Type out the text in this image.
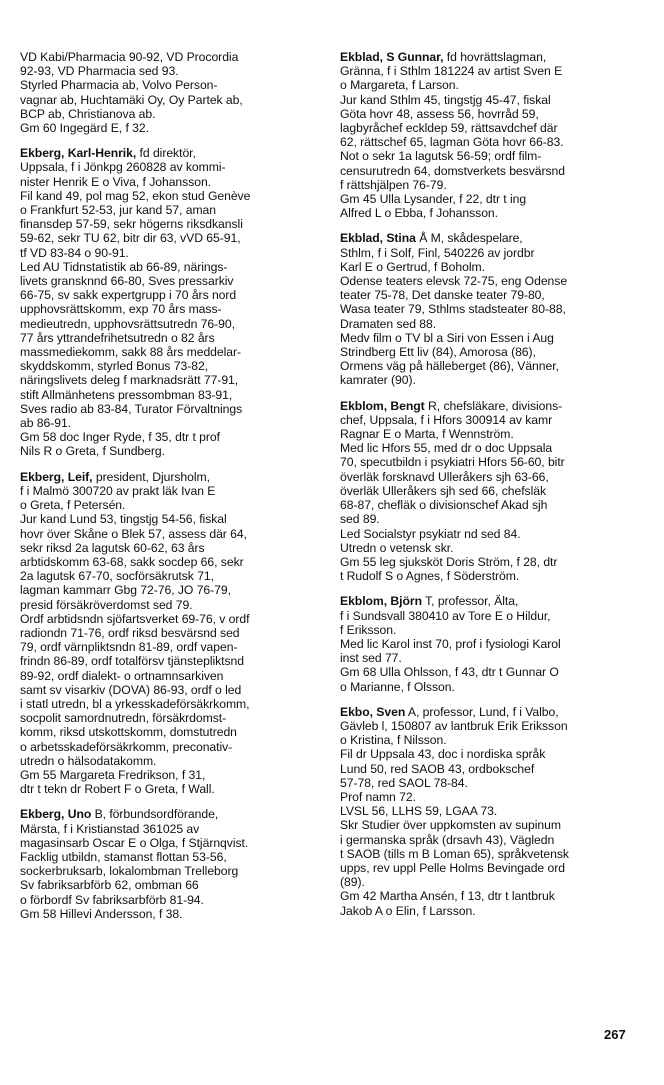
VD Kabi/Pharmacia 90-92, VD Procordia

92-93, VD Pharmacia sed 93.

Styrled Pharmacia ab, Volvo Person-

vagnar ab, Huchtamäki Oy, Oy Partek ab,

BCP ab, Christianova ab.

Gm 60 Ingegärd E, f 32.

Ekberg, Karl-Henrik, fd direktör,

Uppsala, f i Jönkpg 260828 av kommi-

nister Henrik E o Viva, f Johansson.

Fil kand 49, pol mag 52, ekon stud Genève

o Frankfurt 52-53, jur kand 57, aman

finansdep 57-59, sekr högerns riksdkansli

59-62, sekr TU 62, bitr dir 63, vVD 65-91,

tf VD 83-84 o 90-91.

Led AU Tidnstatistik ab 66-89, närings-

livets gransknnd 66-80, Sves pressarkiv

66-75, sv sakk expertgrupp i 70 års nord

upphovsrättskomm, exp 70 års mass-

medieutredn, upphovsrättsutredn 76-90,

77 års yttrandefrihetsutredn o 82 års

massmediekomm, sakk 88 års meddelar-

skyddskomm, styrled Bonus 73-82,

näringslivets deleg f marknadsrätt 77-91,

stift Allmänhetens pressombman 83-91,

Sves radio ab 83-84, Turator Förvaltnings

ab 86-91.

Gm 58 doc Inger Ryde, f 35, dtr t prof

Nils R o Greta, f Sundberg.

Ekberg, Leif, president, Djursholm,

f i Malmö 300720 av prakt läk Ivan E

o Greta, f Petersén.

Jur kand Lund 53, tingstjg 54-56, fiskal

hovr över Skåne o Blek 57, assess där 64,

sekr riksd 2a lagutsk 60-62, 63 års

arbtidskomm 63-68, sakk socdep 66, sekr

2a lagutsk 67-70, socförsäkrutsk 71,

lagman kammarr Gbg 72-76, JO 76-79,

presid försäkröverdomst sed 79.

Ordf arbtidsndn sjöfartsverket 69-76, v ordf

radiondn 71-76, ordf riksd besvärsnd sed

79, ordf värnpliktsndn 81-89, ordf vapen-

frindn 86-89, ordf totalförsv tjänstepliktsnd

89-92, ordf dialekt- o ortnamnsarkiven

samt sv visarkiv (DOVA) 86-93, ordf o led

i statl utredn, bl a yrkesskadeförsäkrkomm,

socpolit samordnutredn, försäkrdomst-

komm, riksd utskottskomm, domstutredn

o arbetsskadeförsäkrkomm, preconativ-

utredn o hälsodatakomm.

Gm 55 Margareta Fredrikson, f 31,

dtr t tekn dr Robert F o Greta, f Wall.

Ekberg, Uno B, förbundsordförande,

Märsta, f i Kristianstad 361025 av

magasinsarb Oscar E o Olga, f Stjärnqvist.

Facklig utbildn, stamanst flottan 53-56,

sockerbruksarb, lokalombman Trelleborg

Sv fabriksarbförb 62, ombman 66

o förbordf Sv fabriksarbförb 81-94.

Gm 58 Hillevi Andersson, f 38.

Ekblad, S Gunnar, fd hovrättslagman,

Gränna, f i Sthlm 181224 av artist Sven E

o Margareta, f Larson.

Jur kand Sthlm 45, tingstjg 45-47, fiskal

Göta hovr 48, assess 56, hovrråd 59,

lagbyråchef eckldep 59, rättsavdchef där

62, rättschef 65, lagman Göta hovr 66-83.

Not o sekr 1a lagutsk 56-59; ordf film-

censurutredn 64, domstverkets besvärsnd

f rättshjälpen 76-79.

Gm 45 Ulla Lysander, f 22, dtr t ing

Alfred L o Ebba, f Johansson.

Ekblad, Stina Å M, skådespelare,

Sthlm, f i Solf, Finl, 540226 av jordbr

Karl E o Gertrud, f Boholm.

Odense teaters elevsk 72-75, eng Odense

teater 75-78, Det danske teater 79-80,

Wasa teater 79, Sthlms stadsteater 80-88,

Dramaten sed 88.

Medv film o TV bl a Siri von Essen i Aug

Strindberg Ett liv (84), Amorosa (86),

Ormens väg på hälleberget (86), Vänner,

kamrater (90).

Ekblom, Bengt R, chefsläkare, divisions-

chef, Uppsala, f i Hfors 300914 av kamr

Ragnar E o Marta, f Wennström.

Med lic Hfors 55, med dr o doc Uppsala

70, specutbildn i psykiatri Hfors 56-60, bitr

överläk forsknavd Ulleråkers sjh 63-66,

överläk Ulleråkers sjh sed 66, chefsläk

68-87, chefläk o divisionschef Akad sjh

sed 89.

Led Socialstyr psykiatr nd sed 84.

Utredn o vetensk skr.

Gm 55 leg sjuksköt Doris Ström, f 28, dtr

t Rudolf S o Agnes, f Söderström.

Ekblom, Björn T, professor, Älta,

f i Sundsvall 380410 av Tore E o Hildur,

f Eriksson.

Med lic Karol inst 70, prof i fysiologi Karol

inst sed 77.

Gm 68 Ulla Ohlsson, f 43, dtr t Gunnar O

o Marianne, f Olsson.

Ekbo, Sven A, professor, Lund, f i Valbo,

Gävleb l, 150807 av lantbruk Erik Eriksson

o Kristina, f Nilsson.

Fil dr Uppsala 43, doc i nordiska språk

Lund 50, red SAOB 43, ordbokschef

57-78, red SAOL 78-84.

Prof namn 72.

LVSL 56, LLHS 59, LGAA 73.

Skr Studier över uppkomsten av supinum

i germanska språk (drsavh 43), Vägledn

t SAOB (tills m B Loman 65), språkvetensk

upps, rev uppl Pelle Holms Bevingade ord

(89).

Gm 42 Martha Ansén, f 13, dtr t lantbruk

Jakob A o Elin, f Larsson.

267
